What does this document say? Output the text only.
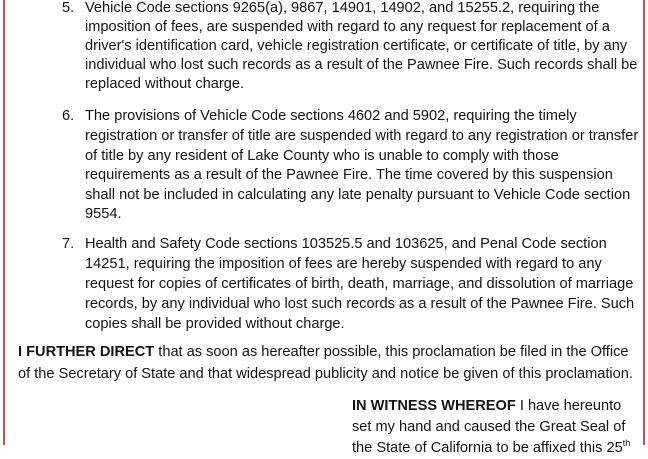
5. Vehicle Code sections 9265(a), 9867, 14901, 14902, and 15255.2, requiring the
imposition of fees, are suspended with regard to any request for replacement of a
driver's identification card, vehicle registration certificate, or certificate of title, by any
individual who lost such records as a result of the Pawnee Fire. Such records shall be
replaced without charge.
6. The provisions of Vehicle Code sections 4602 and 5902, requiring the timely
registration or transfer of title are suspended with regard to any registration or transfer
of title by any resident of Lake County who is unable to comply with those
requirements as a result of the Pawnee Fire. The time covered by this suspension
shall not be included in calculating any late penalty pursuant to Vehicle Code section
9554.
7. Health and Safety Code sections 103525.5 and 103625, and Penal Code section
14251, requiring the imposition of fees are hereby suspended with regard to any
request for copies of certificates of birth, death, marriage, and dissolution of marriage
records, by any individual who lost such records as a result of the Pawnee Fire. Such
copies shall be provided without charge.
I FURTHER DIRECT that as soon as hereafter possible, this proclamation be filed in the Office
of the Secretary of State and that widespread publicity and notice be given of this proclamation.
IN WITNESS WHEREOF I have hereunto
set my hand and caused the Great Seal of
the State of California to be affixed this 25th
